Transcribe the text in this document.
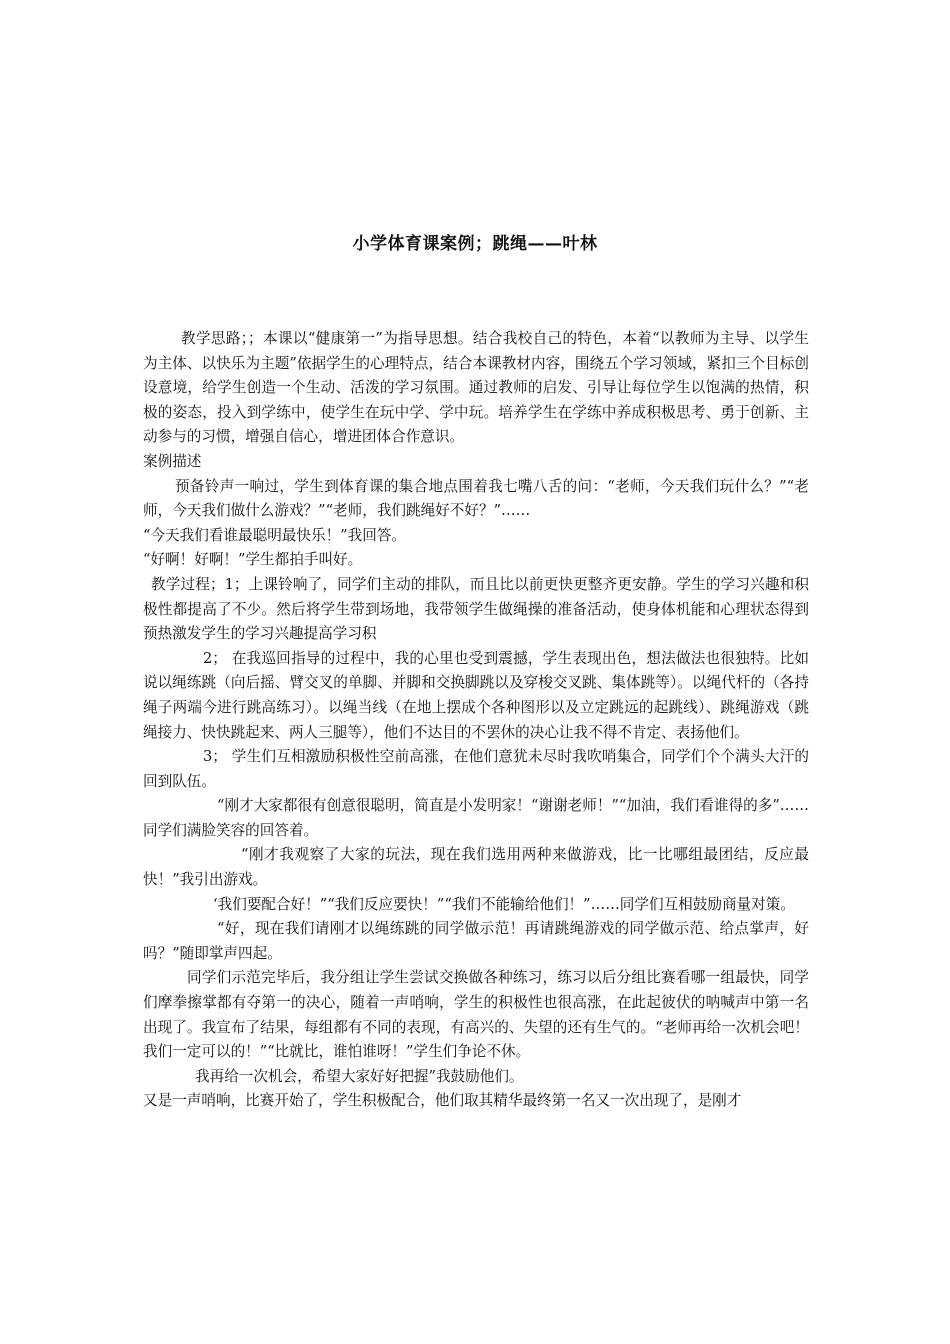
小学体育课案例；跳绳——叶林

教学思路；；本课以“健康第一”为指导思想。结合我校自己的特色，本着“以教师为主导、以学生为主体、以快乐为主题”依据学生的心理特点，结合本课教材内容，围绕五个学习领域，紧扣三个目标创设意境，给学生创造一个生动、活泼的学习氛围。通过教师的启发、引导让每位学生以饱满的热情，积极的姿态，投入到学练中，使学生在玩中学、学中玩。培养学生在学练中养成积极思考、勇于创新、主动参与的习惯，增强自信心，增进团体合作意识。

案例描述

预备铃声一响过，学生到体育课的集合地点围着我七嘴八舌的问：“老师，今天我们玩什么？”“老师，今天我们做什么游戏？”“老师，我们跳绳好不好？”……

“今天我们看谁最聪明最快乐！”我回答。

“好啊！好啊！”学生都拍手叫好。

教学过程；1；上课铃响了，同学们主动的排队，而且比以前更快更整齐更安静。学生的学习兴趣和积极性都提高了不少。然后将学生带到场地，我带领学生做绳操的准备活动，使身体机能和心理状态得到预热激发学生的学习兴趣提高学习积

2； 在我巡回指导的过程中，我的心里也受到震撼，学生表现出色，想法做法也很独特。比如说以绳练跳（向后摇、臂交叉的单脚、并脚和交换脚跳以及穿梭交叉跳、集体跳等）。以绳代杆的（各持绳子两端今进行跳高练习）。以绳当线（在地上摆成个各种图形以及立定跳远的起跳线）、跳绳游戏（跳绳接力、快快跳起来、两人三腿等），他们不达目的不罢休的决心让我不得不肯定、表扬他们。

3； 学生们互相激励积极性空前高涨，在他们意犹未尽时我吹哨集合，同学们个个满头大汗的回到队伍。

“刚才大家都很有创意很聪明，简直是小发明家！“谢谢老师！”“加油，我们看谁得的多”……同学们满脸笑容的回答着。

“刚才我观察了大家的玩法，现在我们选用两种来做游戏，比一比哪组最团结，反应最快！”我引出游戏。

‘我们要配合好！”“我们反应要快！”“我们不能输给他们！”……同学们互相鼓励商量对策。

“好，现在我们请刚才以绳练跳的同学做示范！再请跳绳游戏的同学做示范、给点掌声，好吗？”随即掌声四起。

同学们示范完毕后，我分组让学生尝试交换做各种练习，练习以后分组比赛看哪一组最快，同学们摩拳擦掌都有夺第一的决心，随着一声哨响，学生的积极性也很高涨，在此起彼伏的呐喊声中第一名出现了。我宣布了结果，每组都有不同的表现，有高兴的、失望的还有生气的。“老师再给一次机会吧！我们一定可以的！”“比就比，谁怕谁呀！”学生们争论不休。

我再给一次机会，希望大家好好把握”我鼓励他们。

又是一声哨响，比赛开始了，学生积极配合，他们取其精华最终第一名又一次出现了，是刚才
